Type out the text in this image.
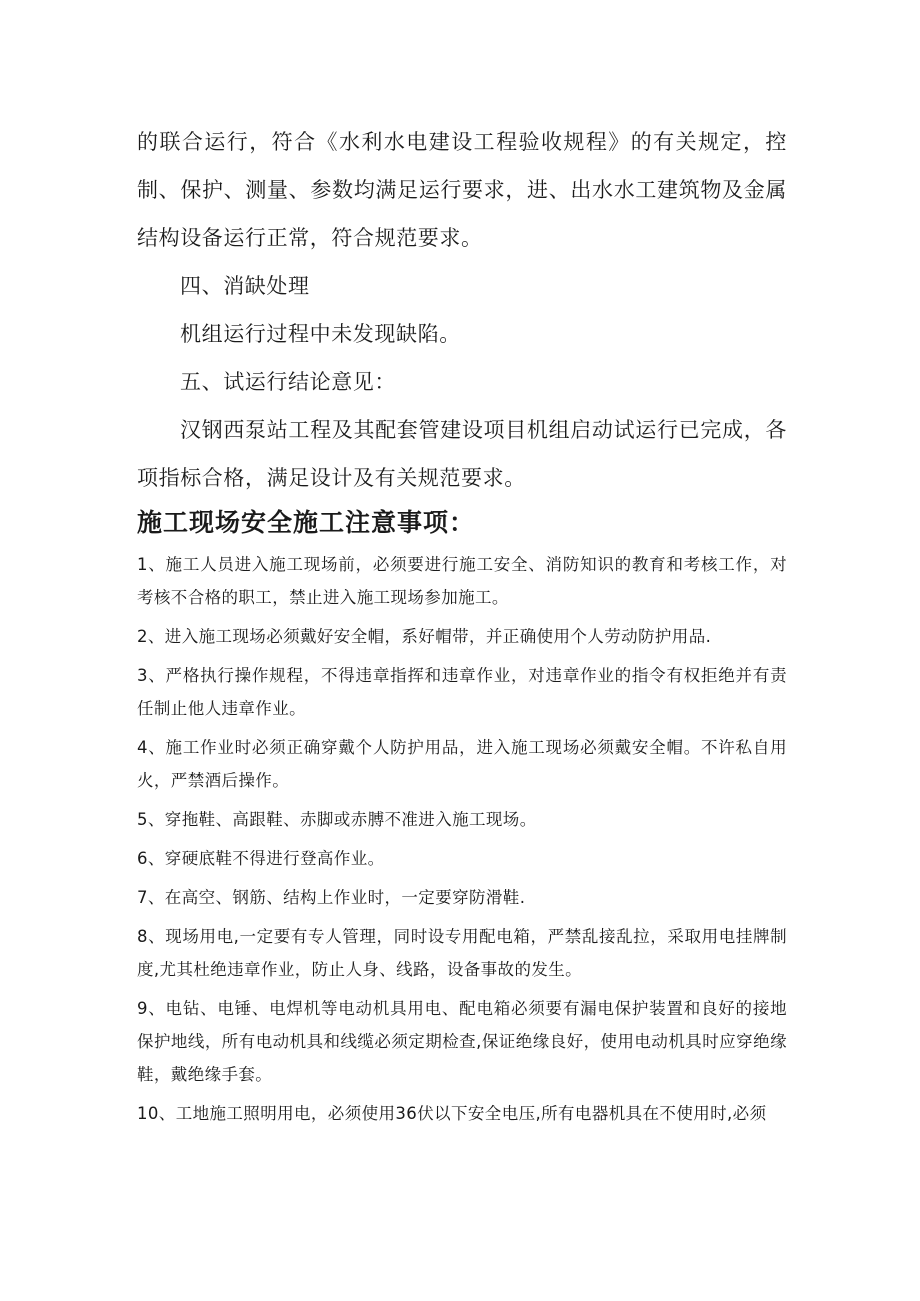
的联合运行，符合《水利水电建设工程验收规程》的有关规定，控制、保护、测量、参数均满足运行要求，进、出水水工建筑物及金属结构设备运行正常，符合规范要求。

四、消缺处理

机组运行过程中未发现缺陷。

五、试运行结论意见：

汉钢西泵站工程及其配套管建设项目机组启动试运行已完成，各项指标合格，满足设计及有关规范要求。

施工现场安全施工注意事项：

1、施工人员进入施工现场前，必须要进行施工安全、消防知识的教育和考核工作，对考核不合格的职工，禁止进入施工现场参加施工。

2、进入施工现场必须戴好安全帽，系好帽带，并正确使用个人劳动防护用品.

3、严格执行操作规程，不得违章指挥和违章作业，对违章作业的指令有权拒绝并有责任制止他人违章作业。

4、施工作业时必须正确穿戴个人防护用品，进入施工现场必须戴安全帽。不许私自用火，严禁酒后操作。

5、穿拖鞋、高跟鞋、赤脚或赤膊不准进入施工现场。

6、穿硬底鞋不得进行登高作业。

7、在高空、钢筋、结构上作业时，一定要穿防滑鞋.

8、现场用电,一定要有专人管理，同时设专用配电箱，严禁乱接乱拉，采取用电挂牌制度,尤其杜绝违章作业，防止人身、线路，设备事故的发生。

9、电钻、电锤、电焊机等电动机具用电、配电箱必须要有漏电保护装置和良好的接地保护地线，所有电动机具和线缆必须定期检查,保证绝缘良好，使用电动机具时应穿绝缘鞋，戴绝缘手套。

10、工地施工照明用电，必须使用36伏以下安全电压,所有电器机具在不使用时,必须
